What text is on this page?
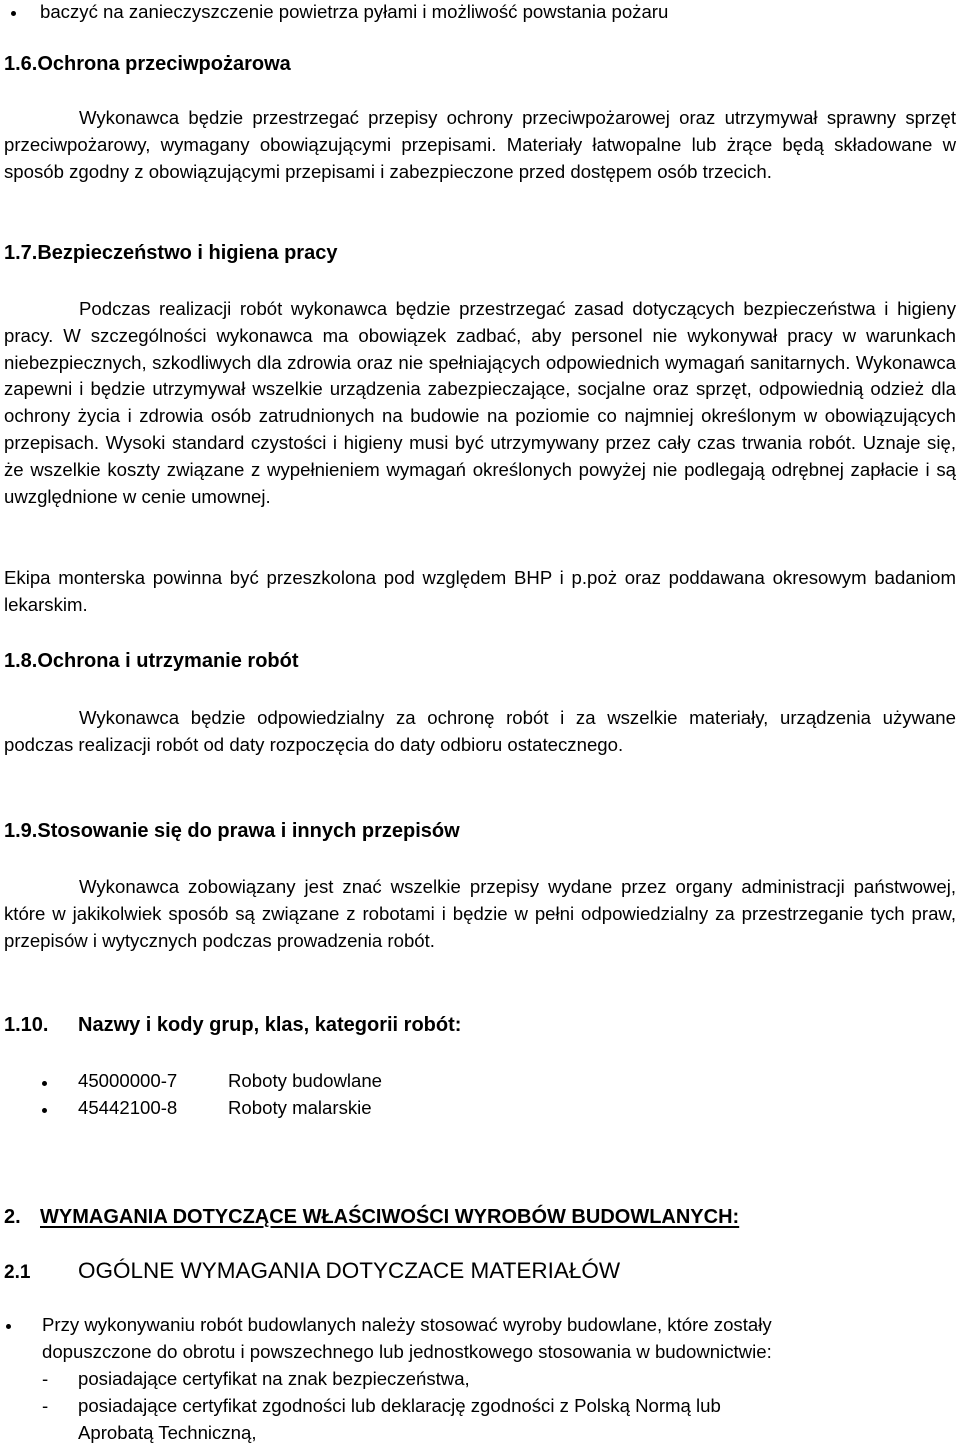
baczyć na zanieczyszczenie powietrza pyłami i możliwość powstania pożaru
1.6.Ochrona przeciwpożarowa

Wykonawca będzie przestrzegać przepisy ochrony przeciwpożarowej oraz utrzymywał sprawny sprzęt przeciwpożarowy, wymagany obowiązującymi przepisami. Materiały łatwopalne lub żrące będą składowane w sposób zgodny z obowiązującymi przepisami i zabezpieczone przed dostępem osób trzecich.

1.7.Bezpieczeństwo i higiena pracy

Podczas realizacji robót wykonawca będzie przestrzegać zasad dotyczących bezpieczeństwa i higieny pracy. W szczególności wykonawca ma obowiązek zadbać, aby personel nie wykonywał pracy w warunkach niebezpiecznych, szkodliwych dla zdrowia oraz nie spełniających odpowiednich wymagań sanitarnych. Wykonawca zapewni i będzie utrzymywał wszelkie urządzenia zabezpieczające, socjalne oraz sprzęt, odpowiednią odzież dla ochrony życia i zdrowia osób zatrudnionych na budowie na poziomie co najmniej określonym w obowiązujących przepisach. Wysoki standard czystości i higieny musi być utrzymywany przez cały czas trwania robót. Uznaje się, że wszelkie koszty związane z wypełnieniem wymagań określonych powyżej nie podlegają odrębnej zapłacie i są uwzględnione w cenie umownej.

Ekipa monterska powinna być przeszkolona pod względem BHP i p.poż oraz poddawana okresowym badaniom lekarskim.

1.8.Ochrona i utrzymanie robót

Wykonawca będzie odpowiedzialny za ochronę robót i za wszelkie materiały, urządzenia używane podczas realizacji robót od daty rozpoczęcia do daty odbioru ostatecznego.

1.9.Stosowanie się do prawa i innych przepisów

Wykonawca zobowiązany jest znać wszelkie przepisy wydane przez organy administracji państwowej, które w jakikolwiek sposób są związane z robotami i będzie w pełni odpowiedzialny za przestrzeganie tych praw, przepisów i wytycznych podczas prowadzenia robót.

1.10. Nazwy i kody grup, klas, kategorii robót:
45000000-7	Roboty budowlane
45442100-8	Roboty malarskie
2. WYMAGANIA DOTYCZĄCE WŁAŚCIWOŚCI WYROBÓW BUDOWLANYCH:
2.1 OGÓLNE WYMAGANIA DOTYCZACE MATERIAŁÓW
Przy wykonywaniu robót budowlanych należy stosować wyroby budowlane, które zostały
dopuszczone do obrotu i powszechnego lub jednostkowego stosowania w budownictwie:
- posiadające certyfikat na znak bezpieczeństwa,
- posiadające certyfikat zgodności lub deklarację zgodności z Polską Normą lub
Aprobatą Techniczną,
